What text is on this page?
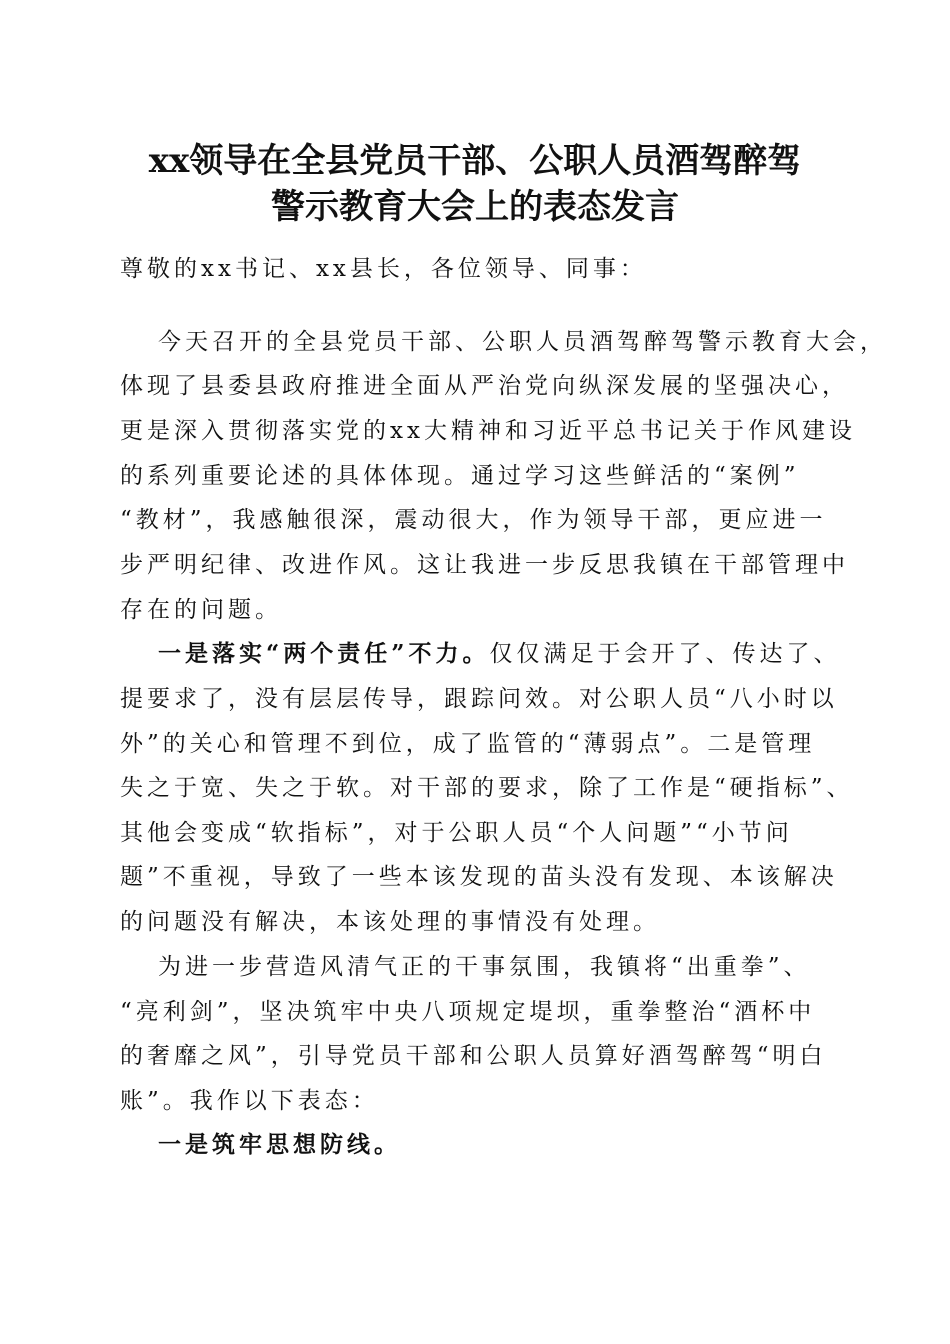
xx领导在全县党员干部、公职人员酒驾醉驾
警示教育大会上的表态发言
尊敬的xx书记、xx县长，各位领导、同事：
今天召开的全县党员干部、公职人员酒驾醉驾警示教育大会，
体现了县委县政府推进全面从严治党向纵深发展的坚强决心，
更是深入贯彻落实党的xx大精神和习近平总书记关于作风建设
的系列重要论述的具体体现。通过学习这些鲜活的“案例”
“教材”，我感触很深，震动很大，作为领导干部，更应进一
步严明纪律、改进作风。这让我进一步反思我镇在干部管理中
存在的问题。
一是落实“两个责任”不力。仅仅满足于会开了、传达了、
提要求了，没有层层传导，跟踪问效。对公职人员“八小时以
外”的关心和管理不到位，成了监管的“薄弱点”。二是管理
失之于宽、失之于软。对干部的要求，除了工作是“硬指标”、
其他会变成“软指标”，对于公职人员“个人问题”“小节问
题”不重视，导致了一些本该发现的苗头没有发现、本该解决
的问题没有解决，本该处理的事情没有处理。
为进一步营造风清气正的干事氛围，我镇将“出重拳”、
“亮利剑”，坚决筑牢中央八项规定堤坝，重拳整治“酒杯中
的奢靡之风”，引导党员干部和公职人员算好酒驾醉驾“明白
账”。我作以下表态：
一是筑牢思想防线。
